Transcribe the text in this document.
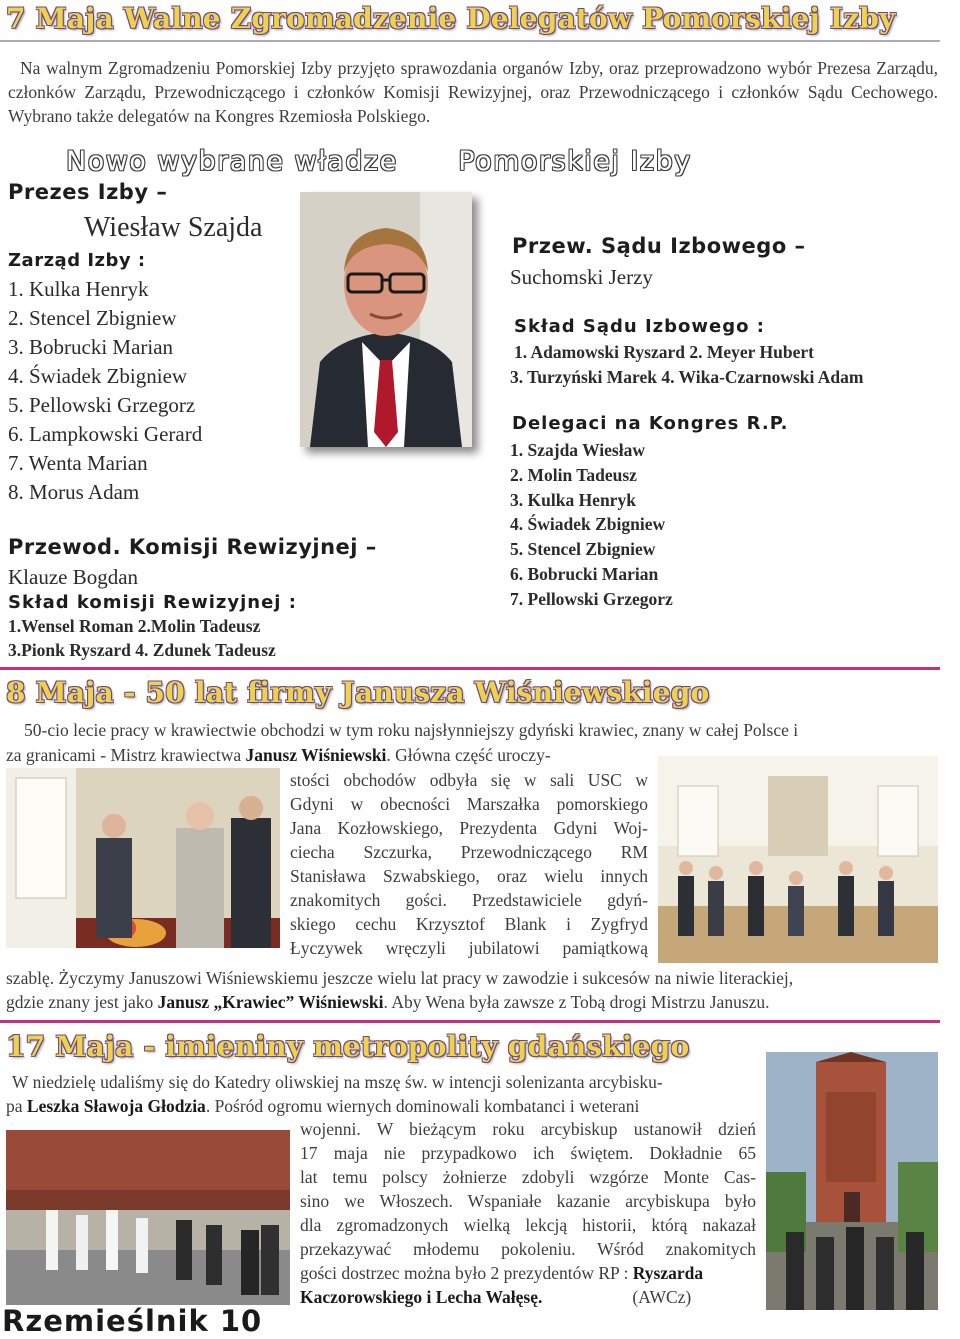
7 Maja Walne Zgromadzenie Delegatów Pomorskiej Izby
Na walnym Zgromadzeniu Pomorskiej Izby przyjęto sprawozdania organów Izby, oraz przeprowadzono wybór Prezesa Zarządu, członków Zarządu, Przewodniczącego i członków Komisji Rewizyjnej, oraz Przewodniczącego i członków Sądu Cechowego. Wybrano także delegatów na Kongres Rzemiosła Polskiego.
Nowo wybrane władze      Pomorskiej Izby
Prezes Izby –
Wiesław Szajda
Zarząd Izby :
1. Kulka Henryk
2. Stencel Zbigniew
3. Bobrucki Marian
4. Świadek Zbigniew
5. Pellowski Grzegorz
6. Lampkowski Gerard
7. Wenta Marian
8. Morus Adam
Przewod. Komisji Rewizyjnej –
Klauze Bogdan
Skład komisji Rewizyjnej :
1.Wensel Roman 2.Molin Tadeusz
3.Pionk Ryszard 4. Zdunek Tadeusz
Przew. Sądu Izbowego –
Suchomski Jerzy
Skład Sądu Izbowego :
1. Adamowski Ryszard 2. Meyer Hubert
3. Turzyński Marek 4. Wika-Czarnowski Adam
Delegaci na Kongres R.P.
1. Szajda Wiesław
2. Molin Tadeusz
3. Kulka Henryk
4. Świadek Zbigniew
5. Stencel Zbigniew
6. Bobrucki Marian
7. Pellowski Grzegorz
8 Maja - 50 lat firmy Janusza Wiśniewskiego
50-cio lecie pracy w krawiectwie obchodzi w tym roku najsłynniejszy gdyński krawiec, znany w całej Polsce i
za granicami - Mistrz krawiectwa Janusz Wiśniewski. Główna część uroczy-
stości obchodów odbyła się w sali USC w
Gdyni w obecności Marszałka pomorskiego
Jana Kozłowskiego, Prezydenta Gdyni Woj-
ciecha Szczurka, Przewodniczącego RM
Stanisława Szwabskiego, oraz wielu innych
znakomitych gości. Przedstawiciele gdyń-
skiego cechu Krzysztof Blank i Zygfryd
Łyczywek wręczyli jubilatowi pamiątkową
szablę. Życzymy Januszowi Wiśniewskiemu jeszcze wielu lat pracy w zawodzie i sukcesów na niwie literackiej,
gdzie znany jest jako Janusz „Krawiec” Wiśniewski. Aby Wena była zawsze z Tobą drogi Mistrzu Januszu.
17 Maja - imieniny metropolity gdańskiego
W niedzielę udaliśmy się do Katedry oliwskiej na mszę św. w intencji solenizanta arcybisku-
pa Leszka Sławoja Głodzia. Pośród ogromu wiernych dominowali kombatanci i weterani
wojenni. W bieżącym roku arcybiskup ustanowił dzień
17 maja nie przypadkowo ich świętem. Dokładnie 65
lat temu polscy żołnierze zdobyli wzgórze Monte Cas-
sino we Włoszech. Wspaniałe kazanie arcybiskupa było
dla zgromadzonych wielką lekcją historii, którą nakazał
przekazywać młodemu pokoleniu. Wśród znakomitych
gości dostrzec można było 2 prezydentów RP : Ryszarda
Kaczorowskiego i Lecha Wałęsę.	(AWCz)
Rzemieślnik 10
